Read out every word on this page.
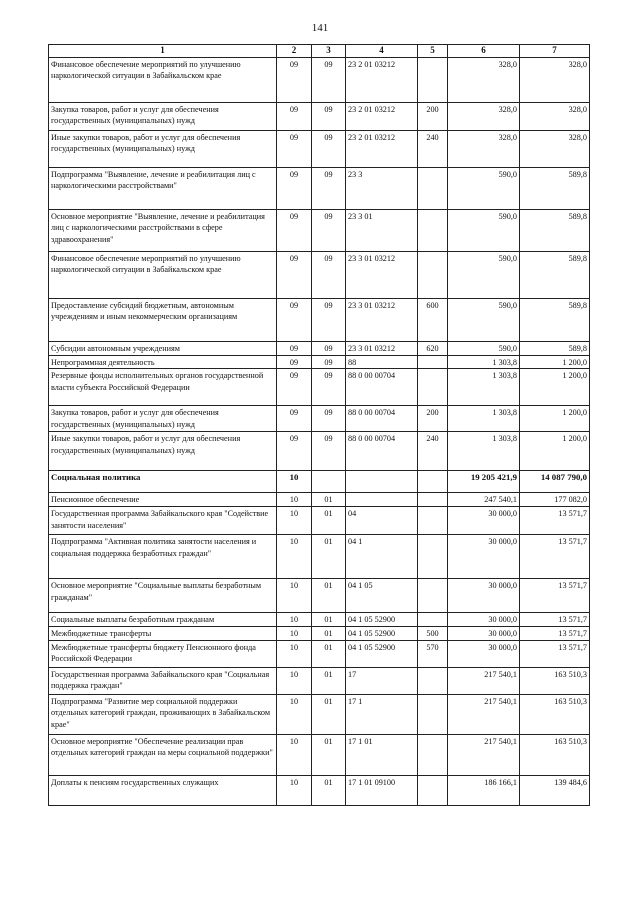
141
1	2	3	4	5	6	7
Финансовое обеспечение мероприятий по улучшению наркологической ситуации в Забайкальском крае	09	09	23 2 01 03212		328,0	328,0
Закупка товаров, работ и услуг для обеспечения государственных (муниципальных) нужд	09	09	23 2 01 03212	200	328,0	328,0
Иные закупки товаров, работ и услуг для обеспечения государственных (муниципальных) нужд	09	09	23 2 01 03212	240	328,0	328,0
Подпрограмма "Выявление, лечение и реабилитация лиц с наркологическими расстройствами"	09	09	23 3		590,0	589,8
Основное мероприятие "Выявление, лечение и реабилитация лиц с наркологическими расстройствами в сфере здравоохранения"	09	09	23 3 01		590,0	589,8
Финансовое обеспечение мероприятий по улучшению наркологической ситуации в Забайкальском крае	09	09	23 3 01 03212		590,0	589,8
Предоставление субсидий бюджетным, автономным учреждениям и иным некоммерческим организациям	09	09	23 3 01 03212	600	590,0	589,8
Субсидии автономным учреждениям	09	09	23 3 01 03212	620	590,0	589,8
Непрограммная деятельность	09	09	88		1 303,8	1 200,0
Резервные фонды исполнительных органов государственной власти субъекта Российской Федерации	09	09	88 0 00 00704		1 303,8	1 200,0
Закупка товаров, работ и услуг для обеспечения государственных (муниципальных) нужд	09	09	88 0 00 00704	200	1 303,8	1 200,0
Иные закупки товаров, работ и услуг для обеспечения государственных (муниципальных) нужд	09	09	88 0 00 00704	240	1 303,8	1 200,0
Социальная политика	10				19 205 421,9	14 087 790,0
Пенсионное обеспечение	10	01			247 540,1	177 082,0
Государственная программа Забайкальского края "Содействие занятости населения"	10	01	04		30 000,0	13 571,7
Подпрограмма "Активная политика занятости населения и социальная поддержка безработных граждан"	10	01	04 1		30 000,0	13 571,7
Основное мероприятие "Социальные выплаты безработным гражданам"	10	01	04 1 05		30 000,0	13 571,7
Социальные выплаты безработным гражданам	10	01	04 1 05 52900		30 000,0	13 571,7
Межбюджетные трансферты	10	01	04 1 05 52900	500	30 000,0	13 571,7
Межбюджетные трансферты бюджету Пенсионного фонда Российской Федерации	10	01	04 1 05 52900	570	30 000,0	13 571,7
Государственная программа Забайкальского края "Социальная поддержка граждан"	10	01	17		217 540,1	163 510,3
Подпрограмма "Развитие мер социальной поддержки отдельных категорий граждан, проживающих в Забайкальском крае"	10	01	17 1		217 540,1	163 510,3
Основное мероприятие "Обеспечение реализации прав отдельных категорий граждан на меры социальной поддержки"	10	01	17 1 01		217 540,1	163 510,3
Доплаты к пенсиям государственных служащих	10	01	17 1 01 09100		186 166,1	139 484,6
